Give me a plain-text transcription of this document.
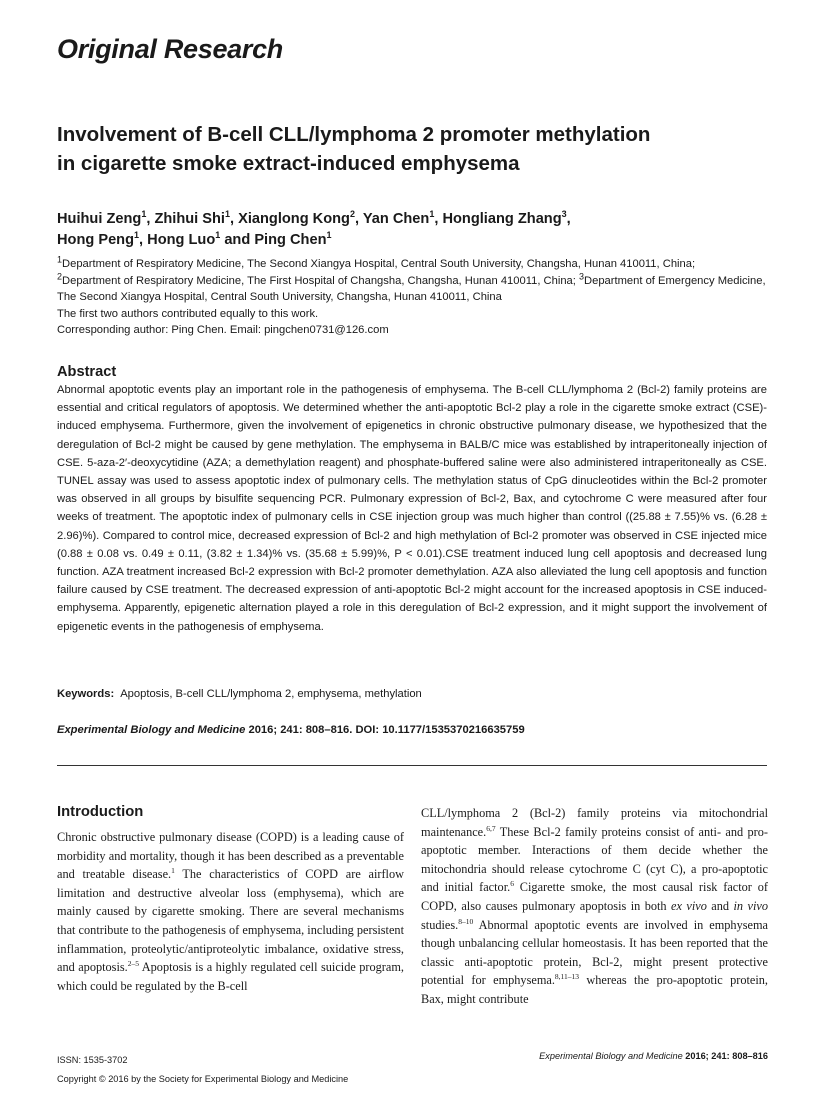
Original Research
Involvement of B-cell CLL/lymphoma 2 promoter methylation
in cigarette smoke extract-induced emphysema
Huihui Zeng$^1$, Zhihui Shi$^1$, Xianglong Kong$^2$, Yan Chen$^1$, Hongliang Zhang$^3$,
Hong Peng$^1$, Hong Luo$^1$ and Ping Chen$^1$

$^1$Department of Respiratory Medicine, The Second Xiangya Hospital, Central South University, Changsha, Hunan 410011, China;
$^2$Department of Respiratory Medicine, The First Hospital of Changsha, Changsha, Hunan 410011, China; $^3$Department of Emergency Medicine, The Second Xiangya Hospital, Central South University, Changsha, Hunan 410011, China

The first two authors contributed equally to this work.

Corresponding author: Ping Chen. Email: pingchen0731@126.com

Abstract

Abnormal apoptotic events play an important role in the pathogenesis of emphysema. The B-cell CLL/lymphoma 2 (Bcl-2) family proteins are essential and critical regulators of apoptosis. We determined whether the anti-apoptotic Bcl-2 play a role in the cigarette smoke extract (CSE)-induced emphysema. Furthermore, given the involvement of epigenetics in chronic obstructive pulmonary disease, we hypothesized that the deregulation of Bcl-2 might be caused by gene methylation. The emphysema in BALB/C mice was established by intraperitoneally injection of CSE. 5-aza-2′-deoxycytidine (AZA; a demethylation reagent) and phosphate-buffered saline were also administered intraperitoneally as CSE. TUNEL assay was used to assess apoptotic index of pulmonary cells. The methylation status of CpG dinucleotides within the Bcl-2 promoter was observed in all groups by bisulfite sequencing PCR. Pulmonary expression of Bcl-2, Bax, and cytochrome C were measured after four weeks of treatment. The apoptotic index of pulmonary cells in CSE injection group was much higher than control ((25.88 ± 7.55)% vs. (6.28 ± 2.96)%). Compared to control mice, decreased expression of Bcl-2 and high methylation of Bcl-2 promoter was observed in CSE injected mice (0.88 ± 0.08 vs. 0.49 ± 0.11, (3.82 ± 1.34)% vs. (35.68 ± 5.99)%, P < 0.01).CSE treatment induced lung cell apoptosis and decreased lung function. AZA treatment increased Bcl-2 expression with Bcl-2 promoter demethylation. AZA also alleviated the lung cell apoptosis and function failure caused by CSE treatment. The decreased expression of anti-apoptotic Bcl-2 might account for the increased apoptosis in CSE induced-emphysema. Apparently, epigenetic alternation played a role in this deregulation of Bcl-2 expression, and it might support the involvement of epigenetic events in the pathogenesis of emphysema.

Keywords: Apoptosis, B-cell CLL/lymphoma 2, emphysema, methylation
Experimental Biology and Medicine 2016; 241: 808–816. DOI: 10.1177/1535370216635759
Introduction

Chronic obstructive pulmonary disease (COPD) is a leading cause of morbidity and mortality, though it has been described as a preventable and treatable disease.$^1$ The characteristics of COPD are airflow limitation and destructive alveolar loss (emphysema), which are mainly caused by cigarette smoking. There are several mechanisms that contribute to the pathogenesis of emphysema, including persistent inflammation, proteolytic/antiproteolytic imbalance, oxidative stress, and apoptosis.$^{2-5}$ Apoptosis is a highly regulated cell suicide program, which could be regulated by the B-cell

CLL/lymphoma 2 (Bcl-2) family proteins via mitochondrial maintenance.$^{6,7}$ These Bcl-2 family proteins consist of anti- and pro-apoptotic member. Interactions of them decide whether the mitochondria should release cytochrome C (cyt C), a pro-apoptotic and initial factor.$^6$ Cigarette smoke, the most causal risk factor of COPD, also causes pulmonary apoptosis in both ex vivo and in vivo studies.$^{8-10}$ Abnormal apoptotic events are involved in emphysema though unbalancing cellular homeostasis. It has been reported that the classic anti-apoptotic protein, Bcl-2, might present protective potential for emphysema.$^{8,11-13}$ whereas the pro-apoptotic protein, Bax, might contribute

ISSN: 1535-3702
Copyright © 2016 by the Society for Experimental Biology and Medicine
Experimental Biology and Medicine 2016; 241: 808–816
